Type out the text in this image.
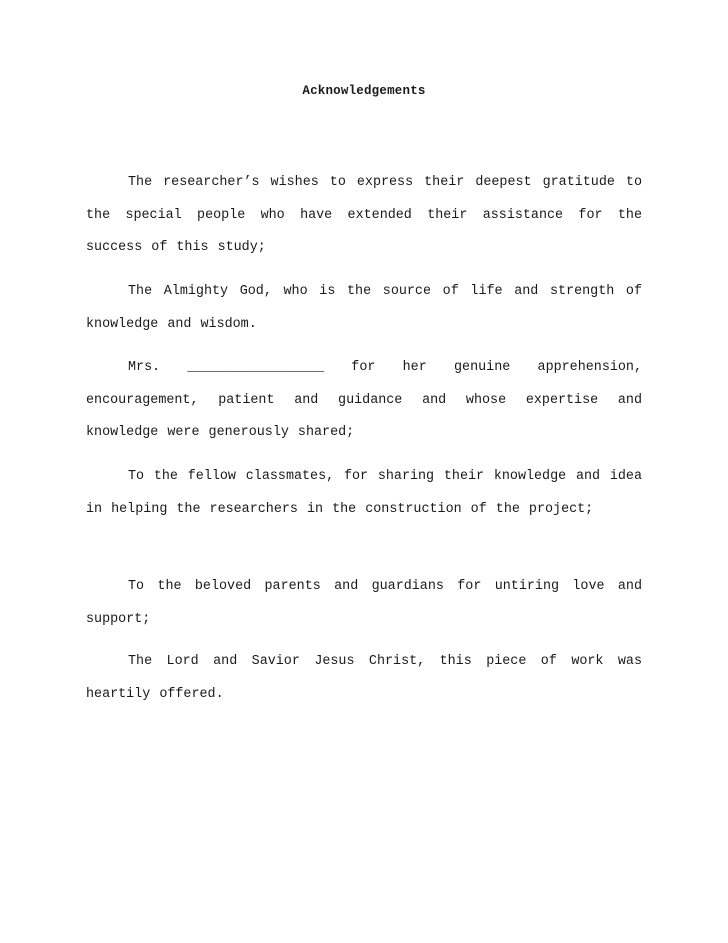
Acknowledgements

The researcher’s wishes to express their deepest gratitude to the special people who have extended their assistance for the success of this study;

The Almighty God, who is the source of life and strength of knowledge and wisdom.

Mrs. _________________ for her genuine apprehension, encouragement, patient and guidance and whose expertise and knowledge were generously shared;

To the fellow classmates, for sharing their knowledge and idea in helping the researchers in the construction of the project;

To the beloved parents and guardians for untiring love and support;

The Lord and Savior Jesus Christ, this piece of work was heartily offered.
